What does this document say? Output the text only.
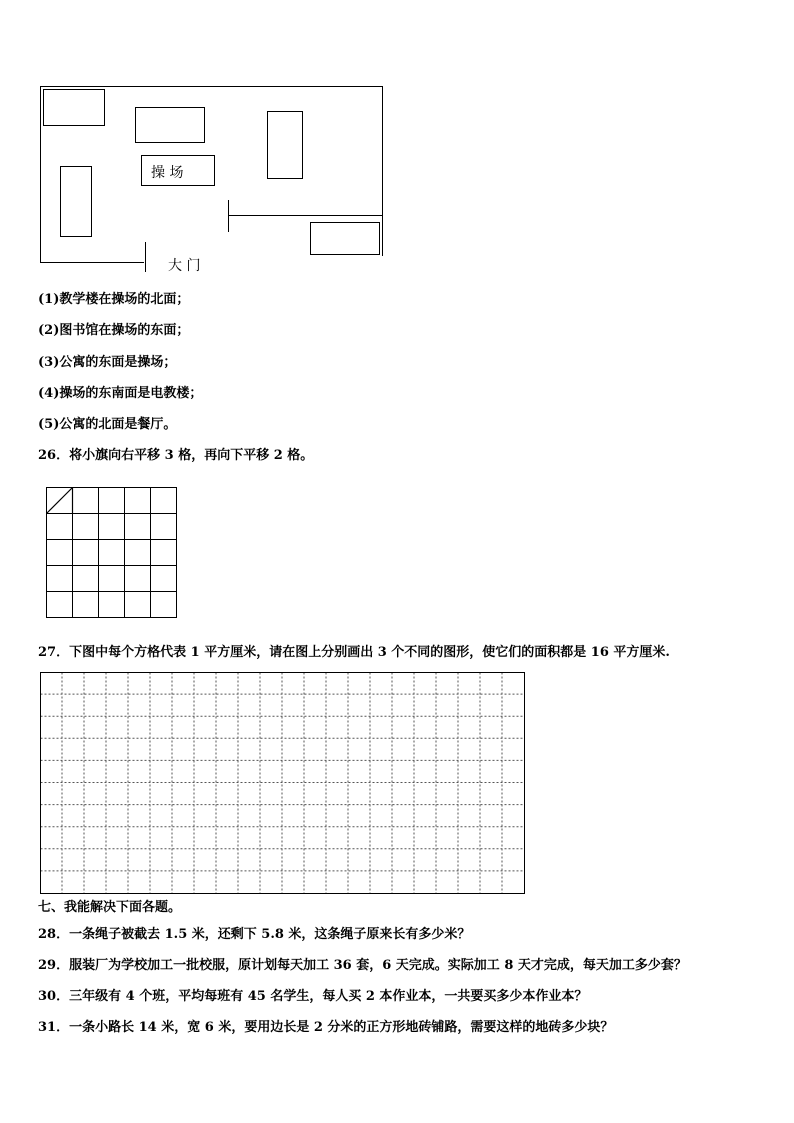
操 场
大 门
(1)教学楼在操场的北面；
(2)图书馆在操场的东面；
(3)公寓的东面是操场；
(4)操场的东南面是电教楼；
(5)公寓的北面是餐厅。
26．将小旗向右平移 3 格，再向下平移 2 格。
27．下图中每个方格代表 1 平方厘米，请在图上分别画出 3 个不同的图形，使它们的面积都是 16 平方厘米.
七、我能解决下面各题。
28．一条绳子被截去 1.5 米，还剩下 5.8 米，这条绳子原来长有多少米？
29．服装厂为学校加工一批校服，原计划每天加工 36 套，6 天完成。实际加工 8 天才完成，每天加工多少套？
30．三年级有 4 个班，平均每班有 45 名学生，每人买 2 本作业本，一共要买多少本作业本？
31．一条小路长 14 米，宽 6 米，要用边长是 2 分米的正方形地砖铺路，需要这样的地砖多少块？
